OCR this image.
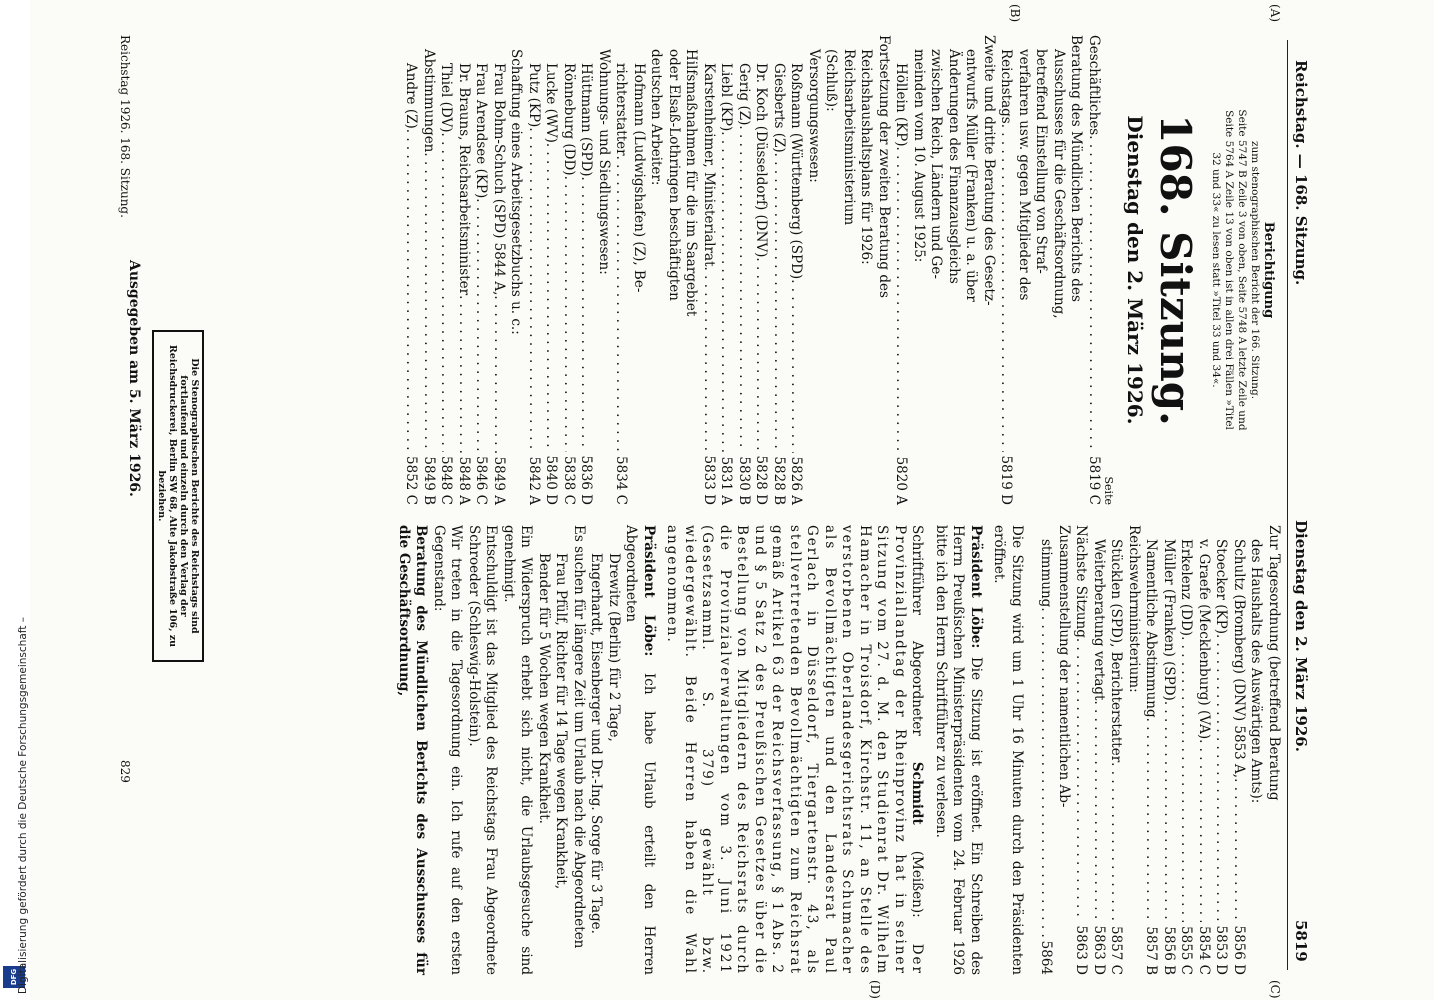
DFG Digitalisierung gefördert durch die Deutsche Forschungsgemeinschaft –
Reichstag. — 168. Sitzung.
Dienstag den 2. März 1926.
5819
(A)
(B)
(C)
(D)
Berichtigung
zum stenographischen Bericht der 166. Sitzung.
Seite 5747 B Zeile 3 von oben, Seite 5748 A letzte Zeile und
Seite 5764 A Zeile 13 von oben ist in allen drei Fällen »Titel
32 und 33« zu lesen statt »Titel 33 und 34«.
168. Sitzung.
Dienstag den 2. März 1926.
Seite
Geschäftliches
. . .
5819 C
Beratung des Mündlichen Berichts des
Ausschusses für die Geschäftsordnung,
betreffend Einstellung von Straf-
verfahren usw. gegen Mitglieder des
Reichstags
. . .
5819 D
Zweite und dritte Beratung des Gesetz-
entwurfs Müller (Franken) u. a. über
Änderungen des Finanzausgleichs
zwischen Reich, Ländern und Ge-
meinden vom 10. August 1925:
Höllein (KP)
. . .
5820 A
Fortsetzung der zweiten Beratung des
Reichshaushaltsplans für 1926:
Reichsarbeitsministerium
(Schluß):
Versorgungswesen:
Roßmann (Württemberg) (SPD)
. . .
5826 A
Giesberts (Z)
. . .
5828 B
Dr. Koch (Düsseldorf) (DNV)
. . .
5828 D
Gerig (Z)
. . .
5830 B
Liebl (KP)
. . .
5831 A
Karstenheimer, Ministerialrat
. . .
5833 D
Hilfsmaßnahmen für die im Saargebiet
oder Elsaß-Lothringen beschäftigten
deutschen Arbeiter:
Hofmann (Ludwigshafen) (Z), Be-
richterstatter
. . .
5834 C
Wohnungs- und Siedlungswesen:
Hüttmann (SPD)
. . .
5836 D
Rönneburg (DD)
. . .
5838 C
Lucke (WV)
. . .
5840 D
Putz (KP)
. . .
5842 A
Schaffung eines Arbeitsgesetzbuchs u. c.:
Frau Bohm-Schuch (SPD) 5844 A,
. . .
5849 A
Frau Arendsee (KP)
. . .
5846 C
Dr. Brauns, Reichsarbeitsminister
. . .
5848 A
Thiel (DV)
. . .
5848 C
Abstimmungen
. . .
5849 B
Andre (Z)
. . .
5852 C
Zur Tagesordnung (betreffend Beratung
des Haushalts des Auswärtigen Amts):
Schultz (Bromberg) (DNV) 5853 A,
. . .
5856 D
Stoecker (KP)
. . .
5853 D
v. Graefe (Mecklenburg) (VA)
. . .
5854 C
Erkelenz (DD)
. . .
5855 C
Müller (Franken) (SPD)
. . .
5856 B
Namentliche Abstimmung
. . .
5857 B
Reichswehrministerium:
Stücklen (SPD), Berichterstatter
. . .
5857 C
Weiterberatung vertagt
. . .
5863 D
Nächste Sitzung
. . .
5863 D
Zusammenstellung der namentlichen Ab-
stimmung
. . .
5864
Die Sitzung wird um 1 Uhr 16 Minuten durch den Präsidenten eröffnet.
Präsident Löbe: Die Sitzung ist eröffnet. Ein Schreiben des Herrn Preußischen Ministerpräsidenten vom 24. Februar 1926 bitte ich den Herrn Schriftführer zu verlesen.
Schriftführer Abgeordneter Schmidt (Meißen): Der Provinziallandtag der Rheinprovinz hat in seiner Sitzung vom 27. d. M. den Studienrat Dr. Wilhelm Hamacher in Troisdorf, Kirchstr. 11, an Stelle des verstorbenen Oberlandesgerichtsrats Schumacher als Bevollmächtigten und den Landesrat Paul Gerlach in Düsseldorf, Tiergartenstr. 43, als stellvertretenden Bevollmächtigten zum Reichsrat gemäß Artikel 63 der Reichsverfassung, § 1 Abs. 2 und § 5 Satz 2 des Preußischen Gesetzes über die Bestellung von Mitgliedern des Reichsrats durch die Provinzialverwaltungen vom 3. Juni 1921 (Gesetzsamml. S. 379) gewählt bzw. wiedergewählt. Beide Herren haben die Wahl angenommen.
Präsident Löbe: Ich habe Urlaub erteilt den Herren Abgeordneten
Drewitz (Berlin) für 2 Tage,
Engerhardt, Eisenberger und Dr.-Ing. Sorge für 3 Tage.
Es suchen für längere Zeit um Urlaub nach die Abgeordneten
Frau Pfülf, Richter für 14 Tage wegen Krankheit,
Bender für 5 Wochen wegen Krankheit.
Ein Widerspruch erhebt sich nicht, die Urlaubsgesuche sind genehmigt.
Entschuldigt ist das Mitglied des Reichstags Frau Abgeordnete Schroeder (Schleswig-Holstein).
Wir treten in die Tagesordnung ein. Ich rufe auf den ersten Gegenstand:
Beratung des Mündlichen Berichts des Ausschusses für die Geschäftsordnung,
Reichstag 1926. 168. Sitzung.
Ausgegeben am 5. März 1926.	Die Stenographischen Berichte des Reichstags sind fortlaufend und einzeln durch den Verlag der Reichsdruckerei, Berlin SW 68, Alte Jakobstraße 106, zu beziehen.
829
